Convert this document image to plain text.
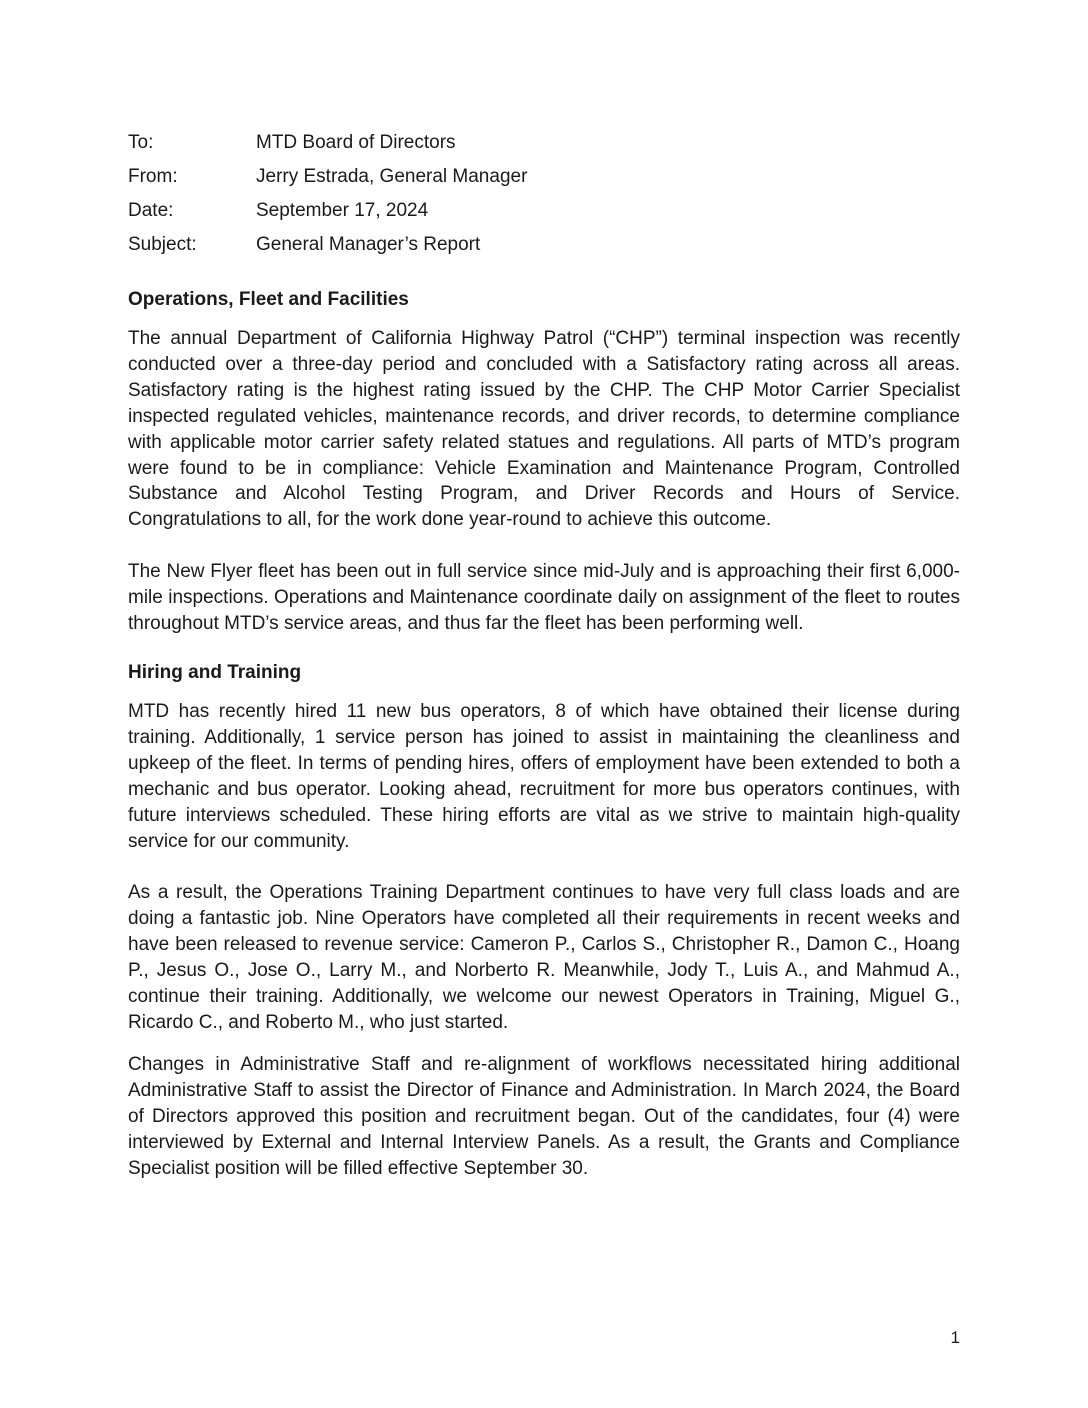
To:	MTD Board of Directors
From:	Jerry Estrada, General Manager
Date:	September 17, 2024
Subject:	General Manager’s Report
Operations, Fleet and Facilities

The annual Department of California Highway Patrol (“CHP”) terminal inspection was recently conducted over a three-day period and concluded with a Satisfactory rating across all areas. Satisfactory rating is the highest rating issued by the CHP. The CHP Motor Carrier Specialist inspected regulated vehicles, maintenance records, and driver records, to determine compliance with applicable motor carrier safety related statues and regulations. All parts of MTD’s program were found to be in compliance: Vehicle Examination and Maintenance Program, Controlled Substance and Alcohol Testing Program, and Driver Records and Hours of Service. Congratulations to all, for the work done year-round to achieve this outcome.

The New Flyer fleet has been out in full service since mid-July and is approaching their first 6,000-mile inspections. Operations and Maintenance coordinate daily on assignment of the fleet to routes throughout MTD’s service areas, and thus far the fleet has been performing well.

Hiring and Training

MTD has recently hired 11 new bus operators, 8 of which have obtained their license during training. Additionally, 1 service person has joined to assist in maintaining the cleanliness and upkeep of the fleet. In terms of pending hires, offers of employment have been extended to both a mechanic and bus operator. Looking ahead, recruitment for more bus operators continues, with future interviews scheduled. These hiring efforts are vital as we strive to maintain high-quality service for our community.

As a result, the Operations Training Department continues to have very full class loads and are doing a fantastic job. Nine Operators have completed all their requirements in recent weeks and have been released to revenue service: Cameron P., Carlos S., Christopher R., Damon C., Hoang P., Jesus O., Jose O., Larry M., and Norberto R. Meanwhile, Jody T., Luis A., and Mahmud A., continue their training. Additionally, we welcome our newest Operators in Training, Miguel G., Ricardo C., and Roberto M., who just started.

Changes in Administrative Staff and re-alignment of workflows necessitated hiring additional Administrative Staff to assist the Director of Finance and Administration. In March 2024, the Board of Directors approved this position and recruitment began. Out of the candidates, four (4) were interviewed by External and Internal Interview Panels. As a result, the Grants and Compliance Specialist position will be filled effective September 30.

1
